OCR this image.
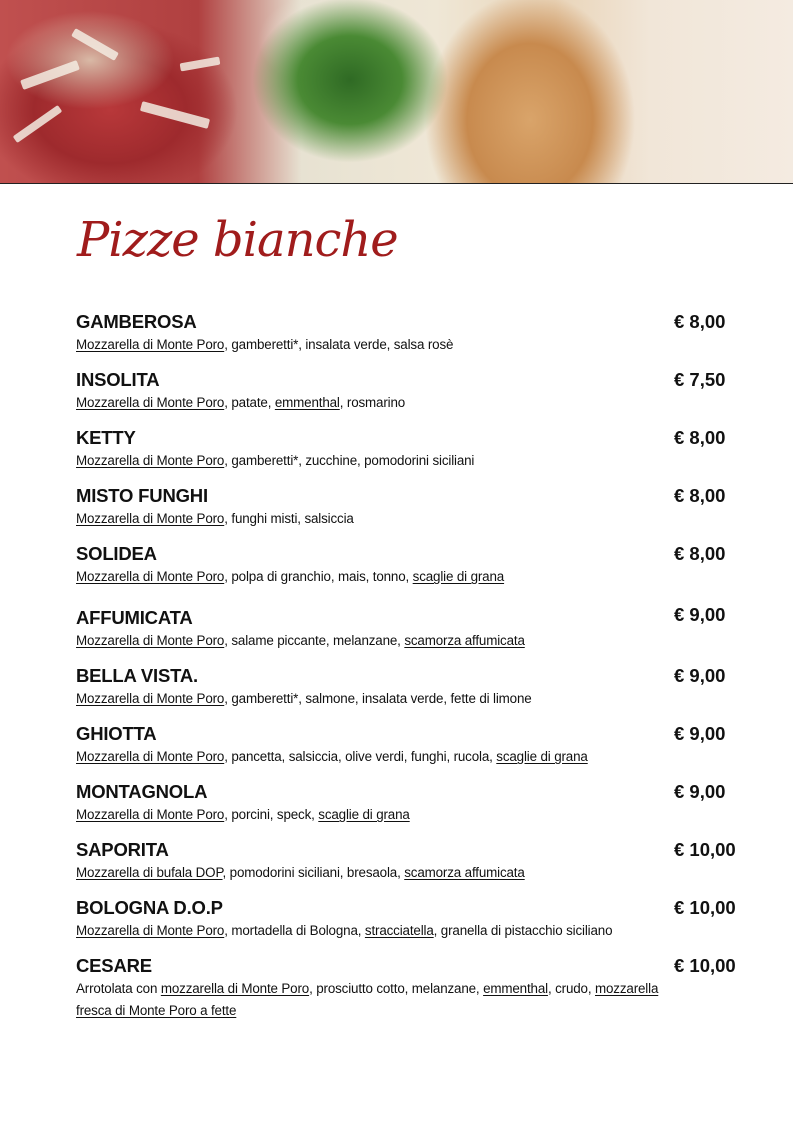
Pizze bianche
GAMBEROSA	€ 8,00
Mozzarella di Monte Poro, gamberetti*, insalata verde, salsa rosè
INSOLITA	€ 7,50
Mozzarella di Monte Poro, patate, emmenthal, rosmarino
KETTY	€ 8,00
Mozzarella di Monte Poro, gamberetti*, zucchine, pomodorini siciliani
MISTO FUNGHI	€ 8,00
Mozzarella di Monte Poro, funghi misti, salsiccia
SOLIDEA	€ 8,00
Mozzarella di Monte Poro, polpa di granchio, mais, tonno, scaglie di grana
AFFUMICATA	€ 9,00
Mozzarella di Monte Poro, salame piccante, melanzane, scamorza affumicata
BELLA VISTA.	€ 9,00
Mozzarella di Monte Poro, gamberetti*, salmone, insalata verde, fette di limone
GHIOTTA	€ 9,00
Mozzarella di Monte Poro, pancetta, salsiccia, olive verdi, funghi, rucola, scaglie di grana
MONTAGNOLA	€ 9,00
Mozzarella di Monte Poro, porcini, speck, scaglie di grana
SAPORITA	€ 10,00
Mozzarella di bufala DOP, pomodorini siciliani, bresaola, scamorza affumicata
BOLOGNA D.O.P	€ 10,00
Mozzarella di Monte Poro, mortadella di Bologna, stracciatella, granella di pistacchio siciliano
CESARE	€ 10,00
Arrotolata con mozzarella di Monte Poro, prosciutto cotto, melanzane, emmenthal, crudo, mozzarella fresca di Monte Poro a fette
